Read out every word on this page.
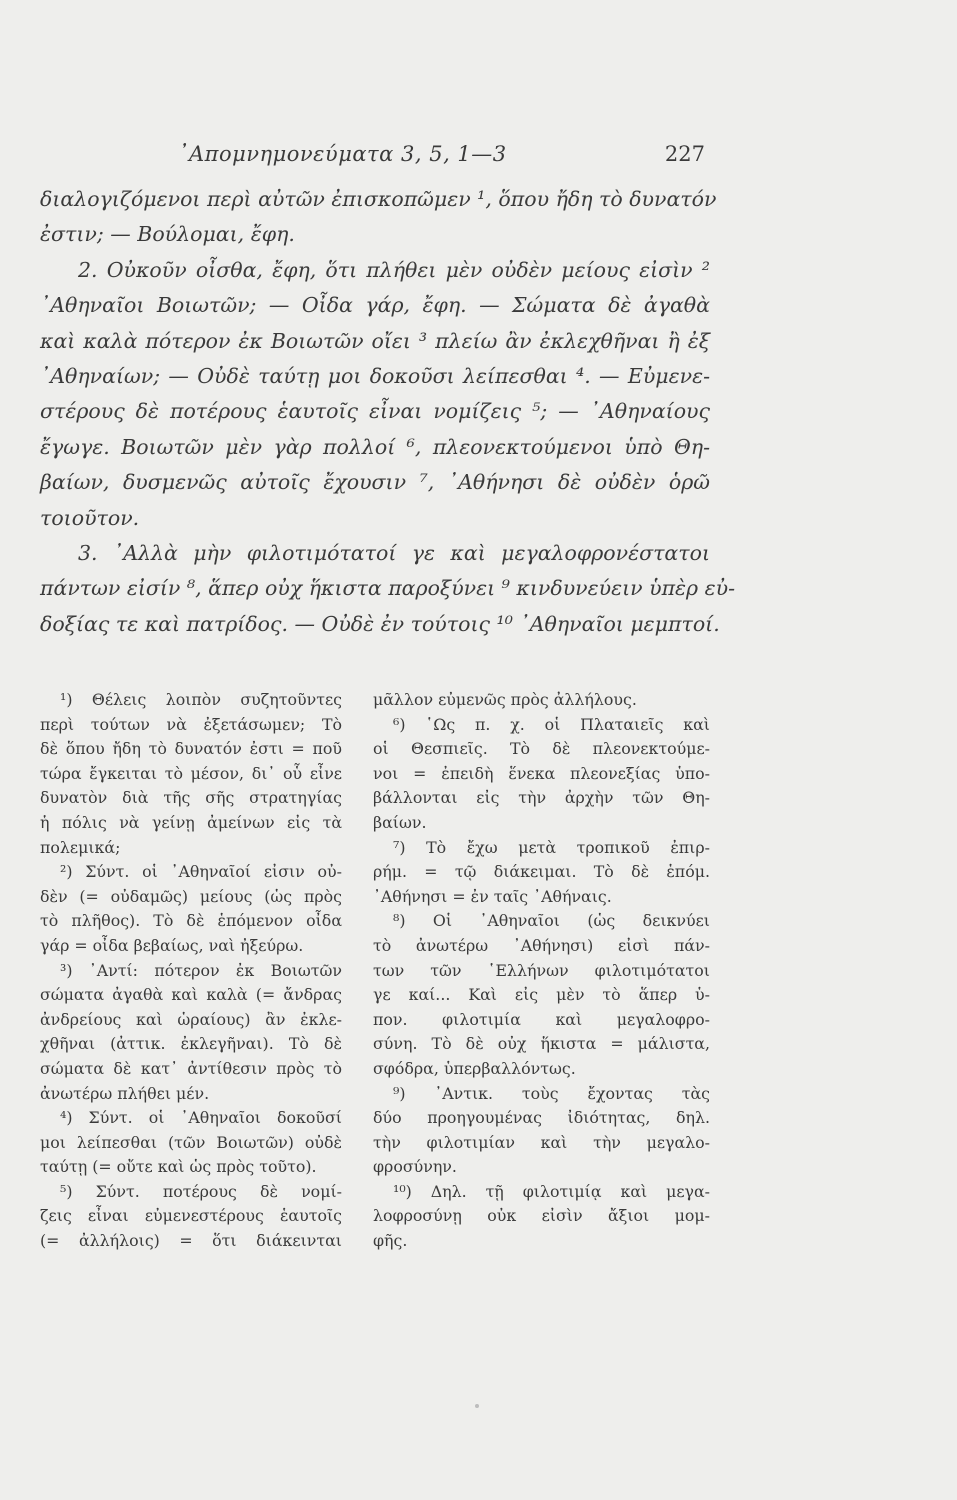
᾿Απομνημονεύματα 3, 5, 1—3	227
διαλογιζόμενοι περὶ αὐτῶν ἐπισκοπῶμεν ¹, ὅπου ἤδη τὸ δυνατόν
ἐστιν; — Βούλομαι, ἔφη.
2. Οὐκοῦν οἶσθα, ἔφη, ὅτι πλήθει μὲν οὐδὲν μείους εἰσὶν ²
᾿Αθηναῖοι Βοιωτῶν; — Οἶδα γάρ, ἔφη. — Σώματα δὲ ἀγαθὰ
καὶ καλὰ πότερον ἐκ Βοιωτῶν οἴει ³ πλείω ἂν ἐκλεχθῆναι ἢ ἐξ
᾿Αθηναίων; — Οὐδὲ ταύτῃ μοι δοκοῦσι λείπεσθαι ⁴. — Εὐμενε-
στέρους δὲ ποτέρους ἑαυτοῖς εἶναι νομίζεις ⁵; — ᾿Αθηναίους
ἔγωγε. Βοιωτῶν μὲν γὰρ πολλοί ⁶, πλεονεκτούμενοι ὑπὸ Θη-
βαίων, δυσμενῶς αὐτοῖς ἔχουσιν ⁷, ᾿Αθήνησι δὲ οὐδὲν ὁρῶ
τοιοῦτον.
3. ᾿Αλλὰ μὴν φιλοτιμότατοί γε καὶ μεγαλοφρονέστατοι
πάντων εἰσίν ⁸, ἅπερ οὐχ ἥκιστα παροξύνει ⁹ κινδυνεύειν ὑπὲρ εὐ-
δοξίας τε καὶ πατρίδος. — Οὐδὲ ἐν τούτοις ¹⁰ ᾿Αθηναῖοι μεμπτοί.
¹) Θέλεις λοιπὸν συζητοῦντες
περὶ τούτων νὰ ἐξετάσωμεν; Τὸ
δὲ ὅπου ἤδη τὸ δυνατόν ἐστι = ποῦ
τώρα ἔγκειται τὸ μέσον, δι᾿ οὗ εἶνε
δυνατὸν διὰ τῆς σῆς στρατηγίας
ἡ πόλις νὰ γείνῃ ἀμείνων εἰς τὰ
πολεμικά;
²) Σύντ. οἱ ᾿Αθηναῖοί εἰσιν οὐ-
δὲν (= οὐδαμῶς) μείους (ὡς πρὸς
τὸ πλῆθος). Τὸ δὲ ἑπόμενον οἶδα
γάρ = οἶδα βεβαίως, ναὶ ἠξεύρω.
³) ᾿Αντί: πότερον ἐκ Βοιωτῶν
σώματα ἀγαθὰ καὶ καλὰ (= ἄνδρας
ἀνδρείους καὶ ὡραίους) ἂν ἐκλε-
χθῆναι (ἀττικ. ἐκλεγῆναι). Τὸ δὲ
σώματα δὲ κατ᾿ ἀντίθεσιν πρὸς τὸ
ἀνωτέρω πλήθει μέν.
⁴) Σύντ. οἱ ᾿Αθηναῖοι δοκοῦσί
μοι λείπεσθαι (τῶν Βοιωτῶν) οὐδὲ
ταύτῃ (= οὔτε καὶ ὡς πρὸς τοῦτο).
⁵) Σύντ. ποτέρους δὲ νομί-
ζεις εἶναι εὐμενεστέρους ἑαυτοῖς
(= ἀλλήλοις) = ὅτι διάκεινται
μᾶλλον εὐμενῶς πρὸς ἀλλήλους.
⁶) ῾Ως π. χ. οἱ Πλαταιεῖς καὶ
οἱ Θεσπιεῖς. Τὸ δὲ πλεονεκτούμε-
νοι = ἐπειδὴ ἕνεκα πλεονεξίας ὑπο-
βάλλονται εἰς τὴν ἀρχὴν τῶν Θη-
βαίων.
⁷) Τὸ ἔχω μετὰ τροπικοῦ ἐπιρ-
ρήμ. = τῷ διάκειμαι. Τὸ δὲ ἑπόμ.
᾿Αθήνησι = ἐν ταῖς ᾿Αθήναις.
⁸) Οἱ ᾿Αθηναῖοι (ὡς δεικνύει
τὸ ἀνωτέρω ᾿Αθήνησι) εἰσὶ πάν-
των τῶν ῾Ελλήνων φιλοτιμότατοι
γε καί... Καὶ εἰς μὲν τὸ ἅπερ ὑ-
πον. φιλοτιμία καὶ μεγαλοφρο-
σύνη. Τὸ δὲ οὐχ ἥκιστα = μάλιστα,
σφόδρα, ὑπερβαλλόντως.
⁹) ᾿Αντικ. τοὺς ἔχοντας τὰς
δύο προηγουμένας ἰδιότητας, δηλ.
τὴν φιλοτιμίαν καὶ τὴν μεγαλο-
φροσύνην.
¹⁰) Δηλ. τῇ φιλοτιμίᾳ καὶ μεγα-
λοφροσύνῃ οὐκ εἰσὶν ἄξιοι μομ-
φῆς.
